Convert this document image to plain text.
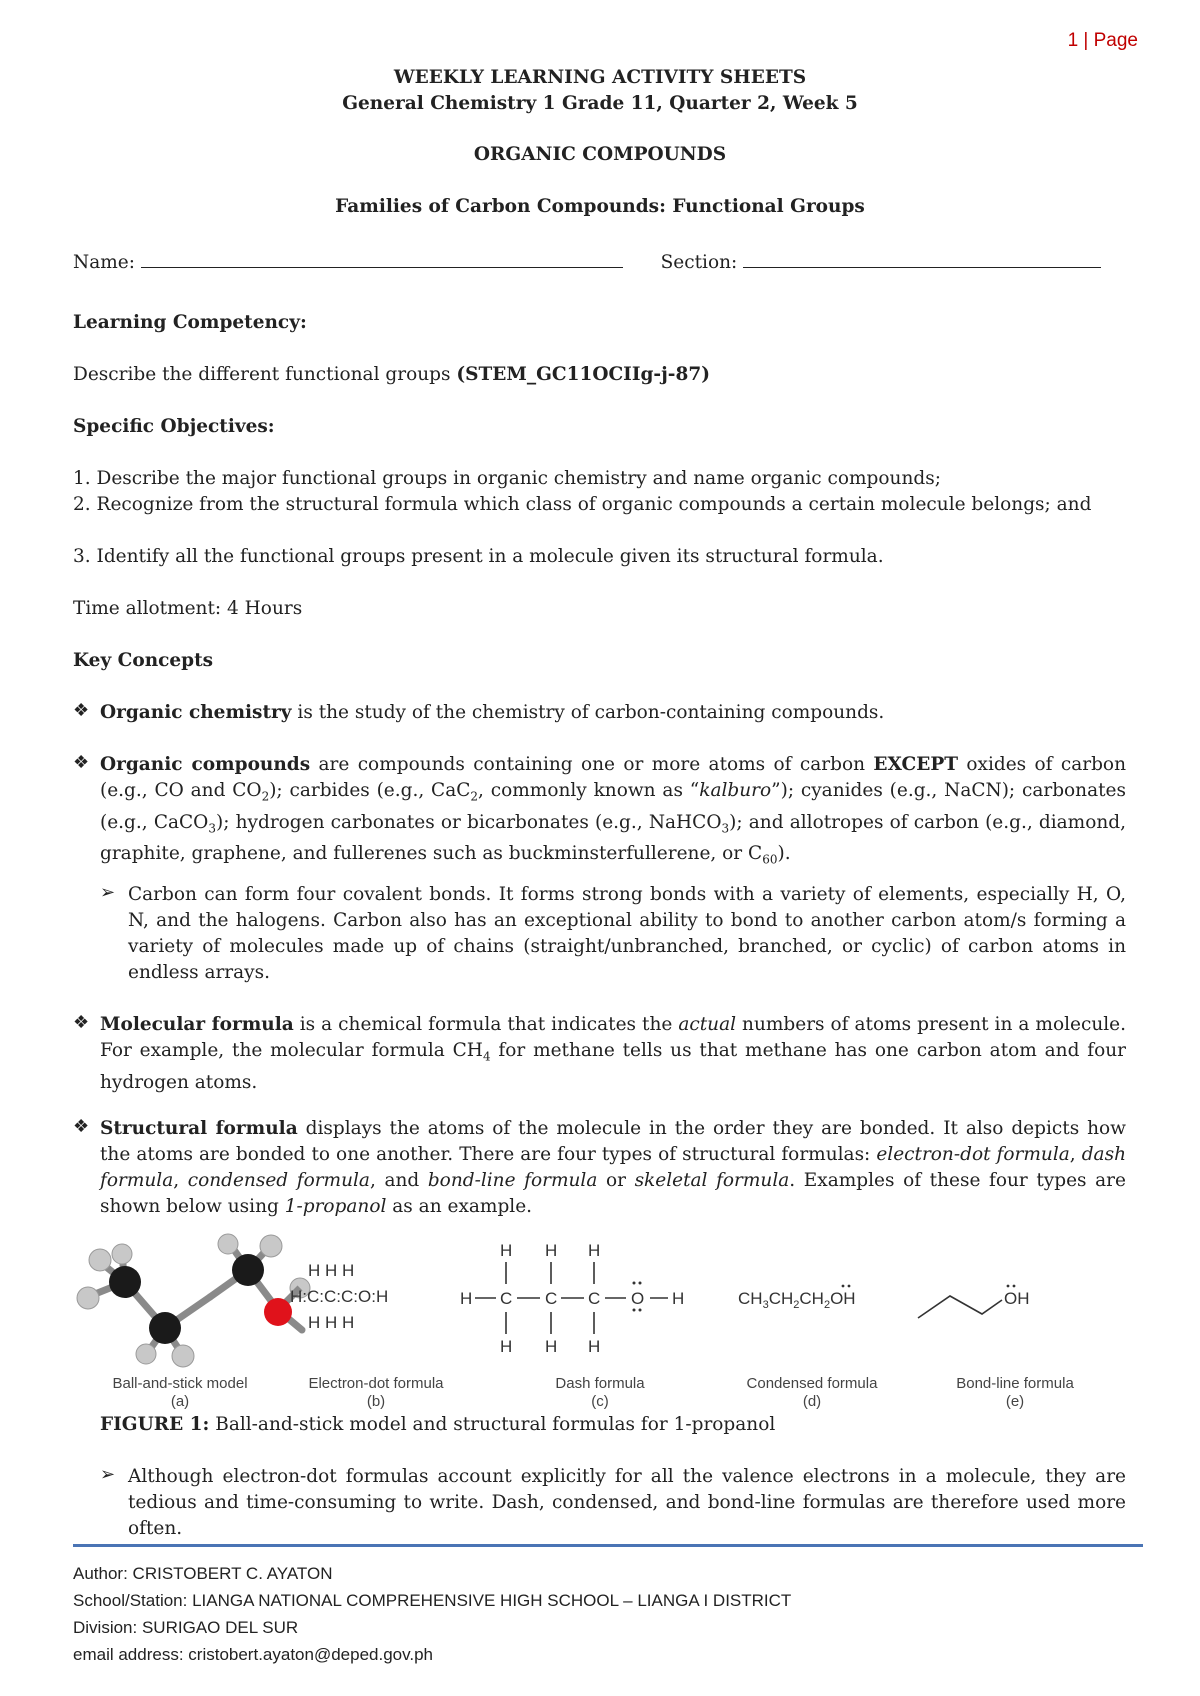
1 | Page
WEEKLY LEARNING ACTIVITY SHEETS
General Chemistry 1 Grade 11, Quarter 2, Week 5
ORGANIC COMPOUNDS
Families of Carbon Compounds: Functional Groups
Name:	Section:
Learning Competency:
Describe the different functional groups (STEM_GC11OCIIg-j-87)
Specific Objectives:
1. Describe the major functional groups in organic chemistry and name organic compounds;
2. Recognize from the structural formula which class of organic compounds a certain molecule belongs; and
3. Identify all the functional groups present in a molecule given its structural formula.
Time allotment: 4 Hours
Key Concepts
❖ Organic chemistry is the study of the chemistry of carbon-containing compounds.
❖ Organic compounds are compounds containing one or more atoms of carbon EXCEPT oxides of carbon (e.g., CO and $CO_2$); carbides (e.g., CaC$_2$, commonly known as “kalburo”); cyanides (e.g., NaCN); carbonates (e.g., CaCO$_3$); hydrogen carbonates or bicarbonates (e.g., NaHCO$_3$); and allotropes of carbon (e.g., diamond, graphite, graphene, and fullerenes such as buckminsterfullerene, or $C_{60}$).
➢ Carbon can form four covalent bonds. It forms strong bonds with a variety of elements, especially H, O, N, and the halogens. Carbon also has an exceptional ability to bond to another carbon atom/s forming a variety of molecules made up of chains (straight/unbranched, branched, or cyclic) of carbon atoms in endless arrays.
❖ Molecular formula is a chemical formula that indicates the actual numbers of atoms present in a molecule. For example, the molecular formula $CH_4$ for methane tells us that methane has one carbon atom and four hydrogen atoms.
❖ Structural formula displays the atoms of the molecule in the order they are bonded. It also depicts how the atoms are bonded to one another. There are four types of structural formulas: electron-dot formula, dash formula, condensed formula, and bond-line formula or skeletal formula. Examples of these four types are shown below using 1-propanol as an example.
H H H
H:C:C:C:O:H
H H H
H C C C O H
H H H
H H H
$CH_3CH_2CH_2OH$	OH
Ball-and-stick model
(a)
Electron-dot formula
(b)
Dash formula
(c)
Condensed formula
(d)
Bond-line formula
(e)
FIGURE 1: Ball-and-stick model and structural formulas for 1-propanol
➢ Although electron-dot formulas account explicitly for all the valence electrons in a molecule, they are tedious and time-consuming to write. Dash, condensed, and bond-line formulas are therefore used more often.
Author: CRISTOBERT C. AYATON
School/Station: LIANGA NATIONAL COMPREHENSIVE HIGH SCHOOL – LIANGA I DISTRICT
Division: SURIGAO DEL SUR
email address: cristobert.ayaton@deped.gov.ph
